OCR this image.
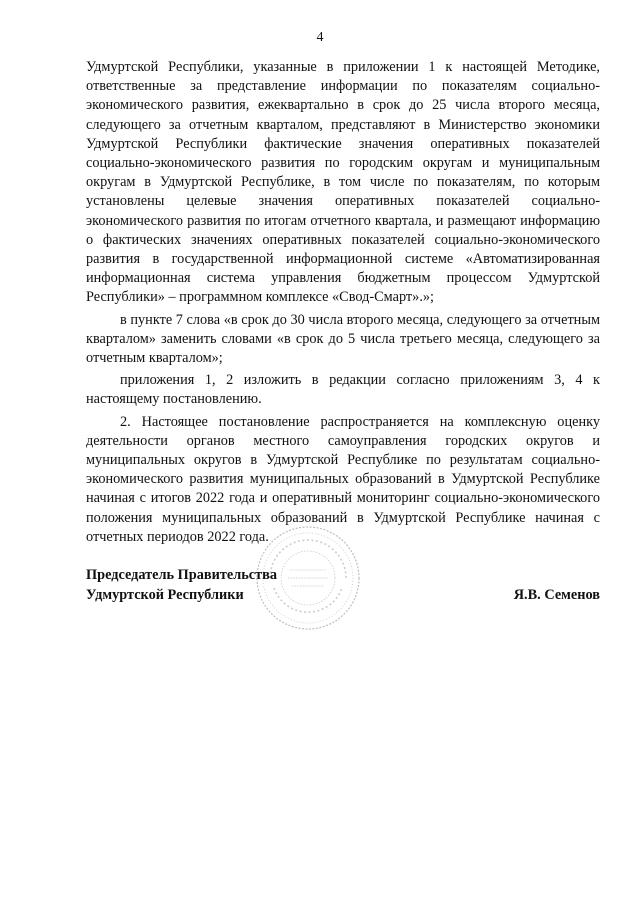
4

Удмуртской Республики, указанные в приложении 1 к настоящей Методике, ответственные за представление информации по показателям социально-экономического развития, ежеквартально в срок до 25 числа второго месяца, следующего за отчетным кварталом, представляют в Министерство экономики Удмуртской Республики фактические значения оперативных показателей социально-экономического развития по городским округам и муниципальным округам в Удмуртской Республике, в том числе по показателям, по которым установлены целевые значения оперативных показателей социально-экономического развития по итогам отчетного квартала, и размещают информацию о фактических значениях оперативных показателей социально-экономического развития в государственной информационной системе «Автоматизированная информационная система управления бюджетным процессом Удмуртской Республики» – программном комплексе «Свод-Смарт».»;

в пункте 7 слова «в срок до 30 числа второго месяца, следующего за отчетным кварталом» заменить словами «в срок до 5 числа третьего месяца, следующего за отчетным кварталом»;

приложения 1, 2 изложить в редакции согласно приложениям 3, 4 к настоящему постановлению.

2. Настоящее постановление распространяется на комплексную оценку деятельности органов местного самоуправления городских округов и муниципальных округов в Удмуртской Республике по результатам социально-экономического развития муниципальных образований в Удмуртской Республике начиная с итогов 2022 года и оперативный мониторинг социально-экономического положения муниципальных образований в Удмуртской Республике начиная с отчетных периодов 2022 года.

Председатель Правительства
Удмуртской Республики	Я.В. Семенов
